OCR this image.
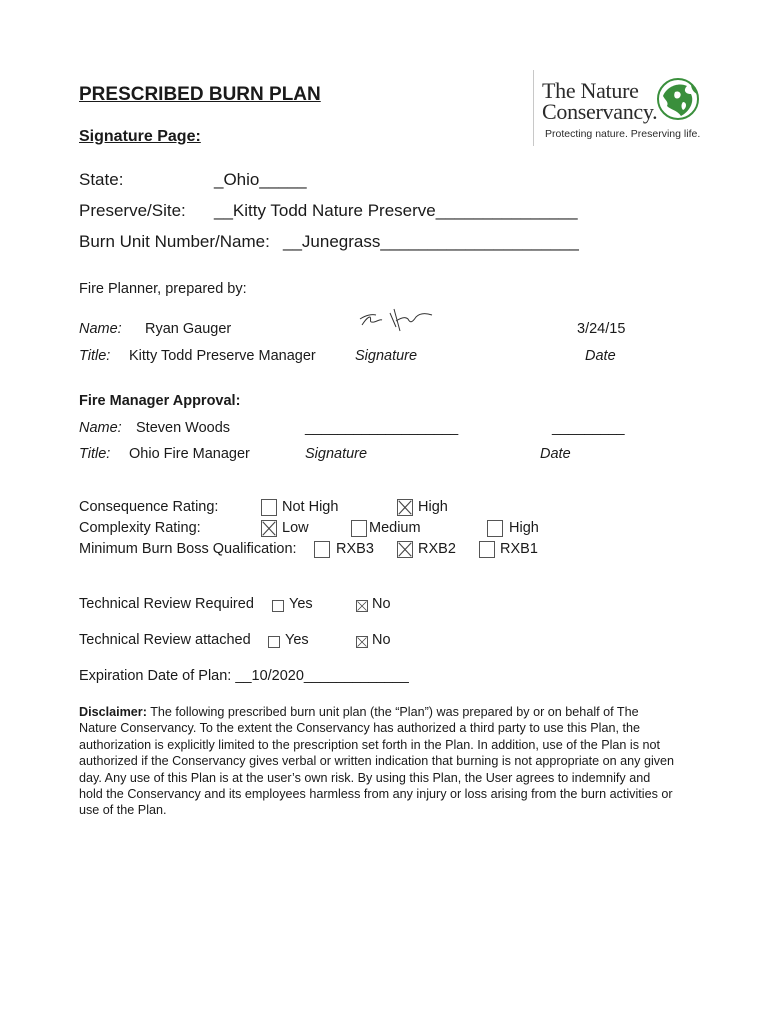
PRESCRIBED BURN PLAN
Signature Page:
The Nature
Conservancy.
Protecting nature. Preserving life.
State:	_Ohio_____
Preserve/Site: __Kitty Todd Nature Preserve_______________
Burn Unit Number/Name: __Junegrass_____________________
Fire Planner, prepared by:
Name: Ryan Gauger	3/24/15
Title: Kitty Todd Preserve Manager	Signature	Date
Fire Manager Approval:
Name: Steven Woods	___________________	_________
Title: Ohio Fire Manager	Signature	Date
Consequence Rating:	Not High	High
Complexity Rating:	Low	Medium	High
Minimum Burn Boss Qualification:	RXB3	RXB2	RXB1
Technical Review Required Yes	No
Technical Review attached Yes	No
Expiration Date of Plan: __10/2020_____________
Disclaimer: The following prescribed burn unit plan (the “Plan”) was prepared by or on behalf of The Nature Conservancy. To the extent the Conservancy has authorized a third party to use this Plan, the authorization is explicitly limited to the prescription set forth in the Plan. In addition, use of the Plan is not authorized if the Conservancy gives verbal or written indication that burning is not appropriate on any given day. Any use of this Plan is at the user’s own risk. By using this Plan, the User agrees to indemnify and hold the Conservancy and its employees harmless from any injury or loss arising from the burn activities or use of the Plan.
